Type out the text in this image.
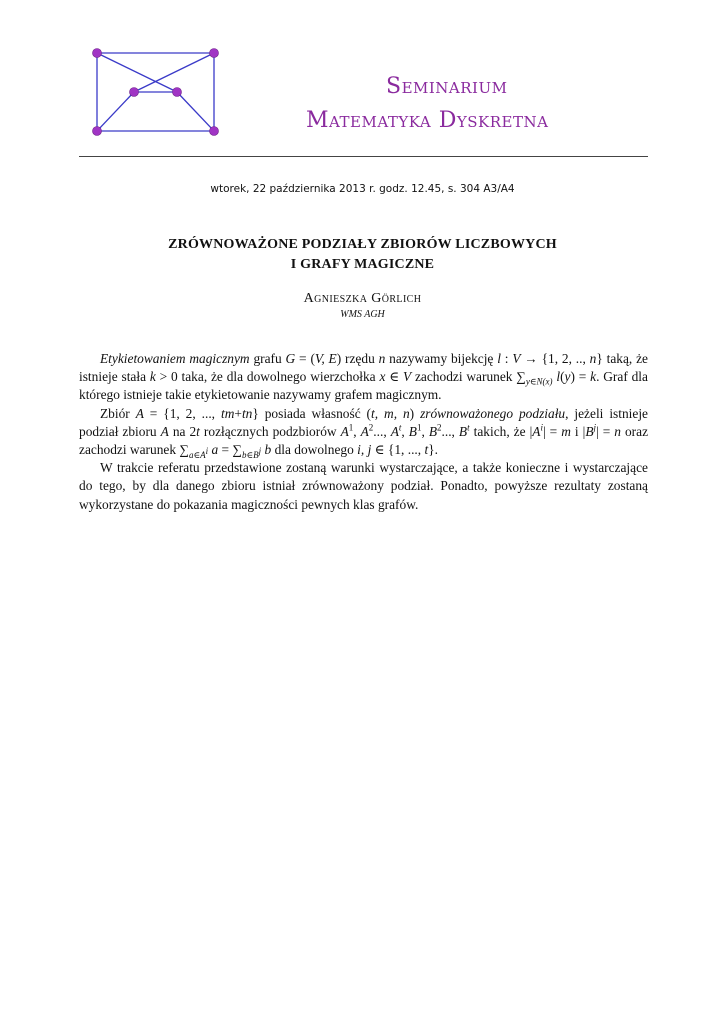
Seminarium
Matematyka Dyskretna
wtorek, 22 października 2013 r. godz. 12.45, s. 304 A3/A4
ZRÓWNOWAŻONE PODZIAŁY ZBIORÓW LICZBOWYCH
I GRAFY MAGICZNE
Agnieszka Görlich
WMS AGH

Etykietowaniem magicznym grafu G = (V, E) rzędu n nazywamy bijekcję l : V → {1, 2, .., n} taką, że istnieje stała k > 0 taka, że dla dowolnego wierzchołka x ∈ V zachodzi warunek $\sum_{y\in N(x)}$ l(y) = k. Graf dla którego istnieje takie etykietowanie nazywamy grafem magicznym.

Zbiór A = {1, 2, ..., tm+tn} posiada własność (t, m, n) zrównoważonego podziału, jeżeli istnieje podział zbioru A na 2t rozłącznych podzbiorów $A^1$, $A^2$..., $A^t$, $B^1$, $B^2$..., $B^t$ takich, że $|A^i| = m$ i $|B^j| = n$ oraz zachodzi warunek $\sum_{a\in A^i}$ $a = \sum_{b\in B^j}$ b dla dowolnego i, j ∈ {1, ..., t}.

W trakcie referatu przedstawione zostaną warunki wystarczające, a także konieczne i wystarczające do tego, by dla danego zbioru istniał zrównoważony podział. Ponadto, powyższe rezultaty zostaną wykorzystane do pokazania magiczności pewnych klas grafów.
